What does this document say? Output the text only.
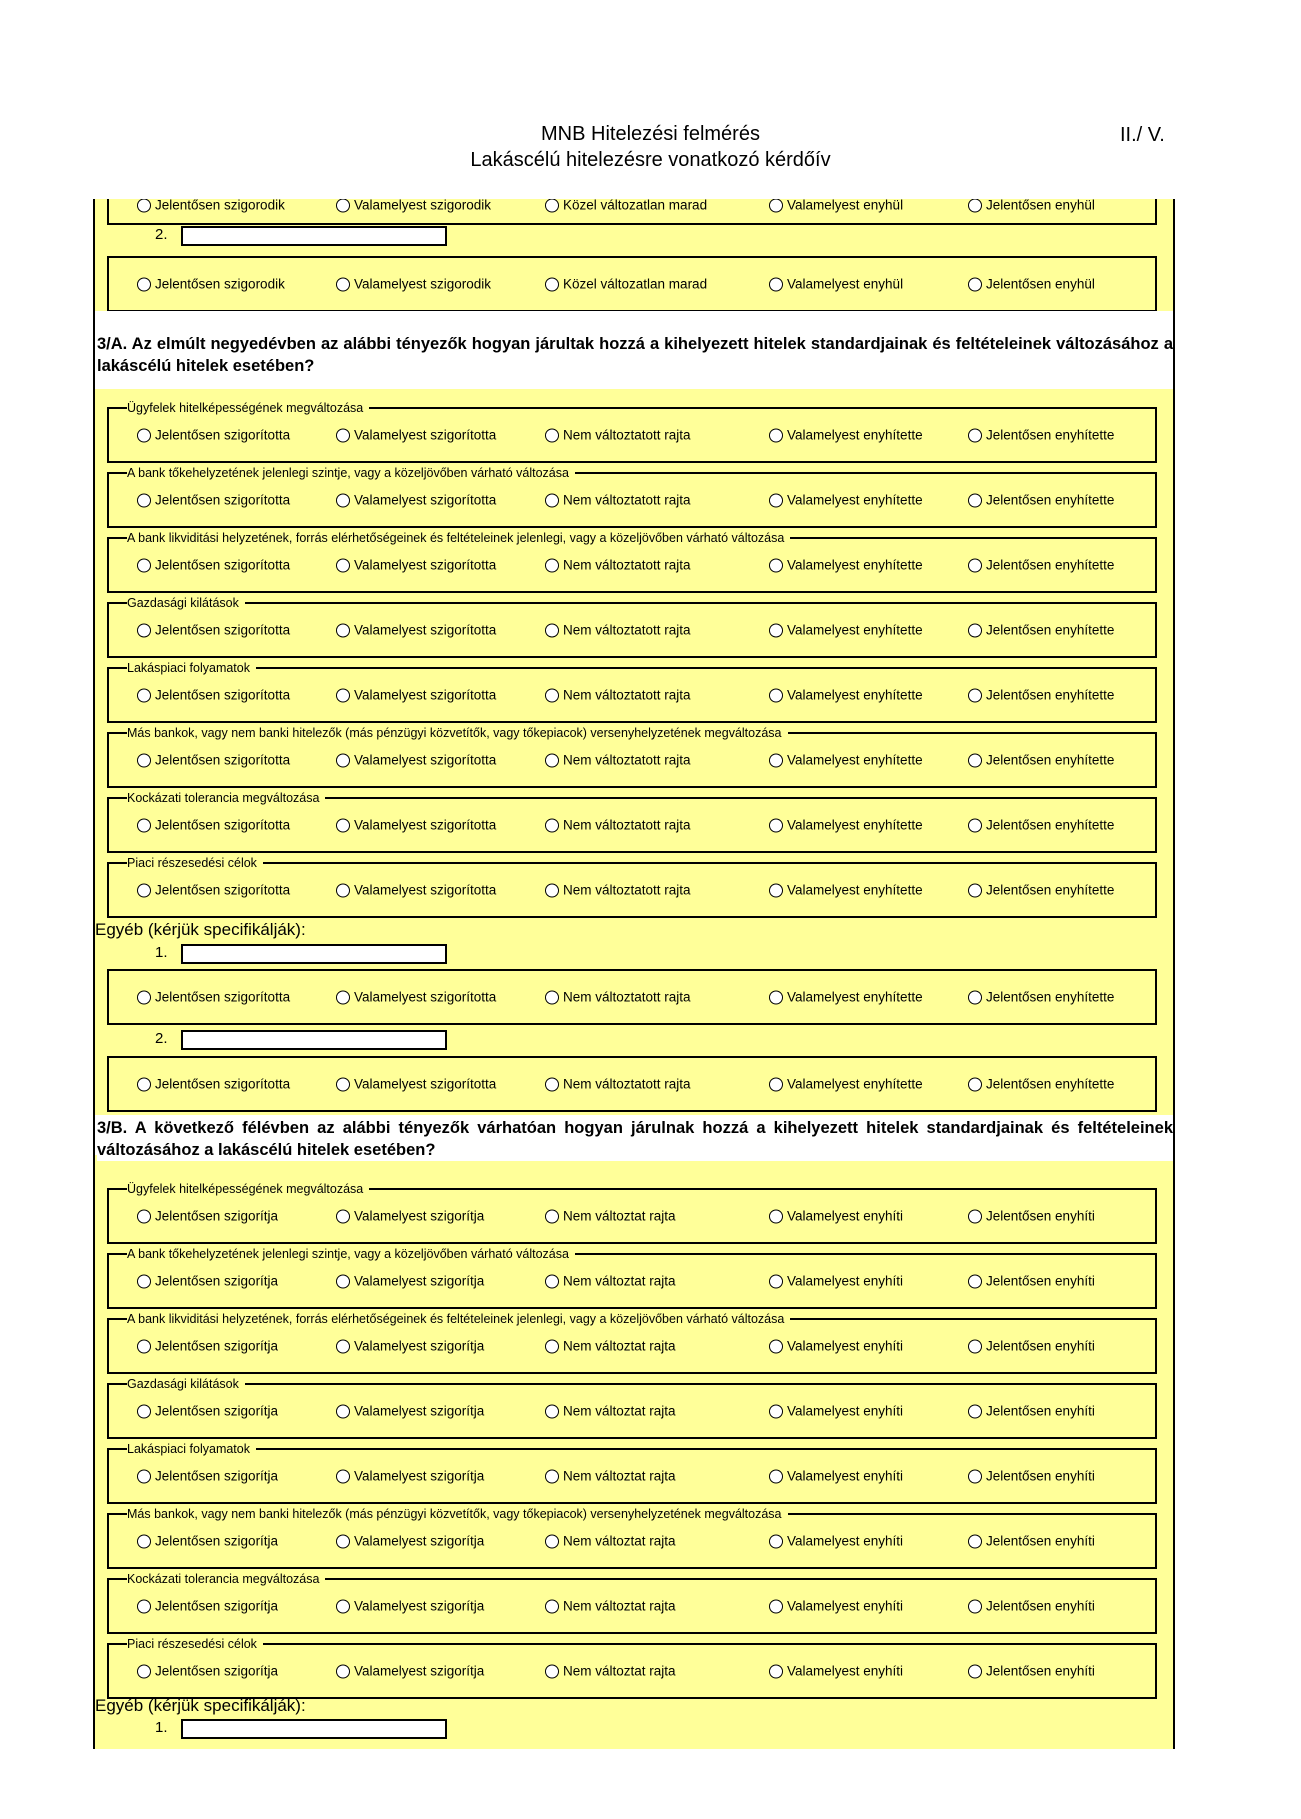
MNB Hitelezési felmérés
Lakáscélú hitelezésre vonatkozó kérdőív
II./ V.
Jelentősen szigorodik	Valamelyest szigorodik	Közel változatlan marad	Valamelyest enyhül	Jelentősen enyhül
2.
Jelentősen szigorodik	Valamelyest szigorodik	Közel változatlan marad	Valamelyest enyhül	Jelentősen enyhül
3/A. Az elmúlt negyedévben az alábbi tényezők hogyan járultak hozzá a kihelyezett hitelek standardjainak és feltételeinek változásához a lakáscélú hitelek esetében?
Ügyfelek hitelképességének megváltozása
Jelentősen szigorította	Valamelyest szigorította	Nem változtatott rajta	Valamelyest enyhítette	Jelentősen enyhítette
A bank tőkehelyzetének jelenlegi szintje, vagy a közeljövőben várható változása
Jelentősen szigorította	Valamelyest szigorította	Nem változtatott rajta	Valamelyest enyhítette	Jelentősen enyhítette
A bank likviditási helyzetének, forrás elérhetőségeinek és feltételeinek jelenlegi, vagy a közeljövőben várható változása
Jelentősen szigorította	Valamelyest szigorította	Nem változtatott rajta	Valamelyest enyhítette	Jelentősen enyhítette
Gazdasági kilátások
Jelentősen szigorította	Valamelyest szigorította	Nem változtatott rajta	Valamelyest enyhítette	Jelentősen enyhítette
Lakáspiaci folyamatok
Jelentősen szigorította	Valamelyest szigorította	Nem változtatott rajta	Valamelyest enyhítette	Jelentősen enyhítette
Más bankok, vagy nem banki hitelezők (más pénzügyi közvetítők, vagy tőkepiacok) versenyhelyzetének megváltozása
Jelentősen szigorította	Valamelyest szigorította	Nem változtatott rajta	Valamelyest enyhítette	Jelentősen enyhítette
Kockázati tolerancia megváltozása
Jelentősen szigorította	Valamelyest szigorította	Nem változtatott rajta	Valamelyest enyhítette	Jelentősen enyhítette
Piaci részesedési célok
Jelentősen szigorította	Valamelyest szigorította	Nem változtatott rajta	Valamelyest enyhítette	Jelentősen enyhítette
Egyéb (kérjük specifikálják):
1.
Jelentősen szigorította	Valamelyest szigorította	Nem változtatott rajta	Valamelyest enyhítette	Jelentősen enyhítette
2.
Jelentősen szigorította	Valamelyest szigorította	Nem változtatott rajta	Valamelyest enyhítette	Jelentősen enyhítette
3/B. A következő félévben az alábbi tényezők várhatóan hogyan járulnak hozzá a kihelyezett hitelek standardjainak és feltételeinek változásához a lakáscélú hitelek esetében?
Ügyfelek hitelképességének megváltozása
Jelentősen szigorítja	Valamelyest szigorítja	Nem változtat rajta	Valamelyest enyhíti	Jelentősen enyhíti
A bank tőkehelyzetének jelenlegi szintje, vagy a közeljövőben várható változása
Jelentősen szigorítja	Valamelyest szigorítja	Nem változtat rajta	Valamelyest enyhíti	Jelentősen enyhíti
A bank likviditási helyzetének, forrás elérhetőségeinek és feltételeinek jelenlegi, vagy a közeljövőben várható változása
Jelentősen szigorítja	Valamelyest szigorítja	Nem változtat rajta	Valamelyest enyhíti	Jelentősen enyhíti
Gazdasági kilátások
Jelentősen szigorítja	Valamelyest szigorítja	Nem változtat rajta	Valamelyest enyhíti	Jelentősen enyhíti
Lakáspiaci folyamatok
Jelentősen szigorítja	Valamelyest szigorítja	Nem változtat rajta	Valamelyest enyhíti	Jelentősen enyhíti
Más bankok, vagy nem banki hitelezők (más pénzügyi közvetítők, vagy tőkepiacok) versenyhelyzetének megváltozása
Jelentősen szigorítja	Valamelyest szigorítja	Nem változtat rajta	Valamelyest enyhíti	Jelentősen enyhíti
Kockázati tolerancia megváltozása
Jelentősen szigorítja	Valamelyest szigorítja	Nem változtat rajta	Valamelyest enyhíti	Jelentősen enyhíti
Piaci részesedési célok
Jelentősen szigorítja	Valamelyest szigorítja	Nem változtat rajta	Valamelyest enyhíti	Jelentősen enyhíti
Egyéb (kérjük specifikálják):
1.
